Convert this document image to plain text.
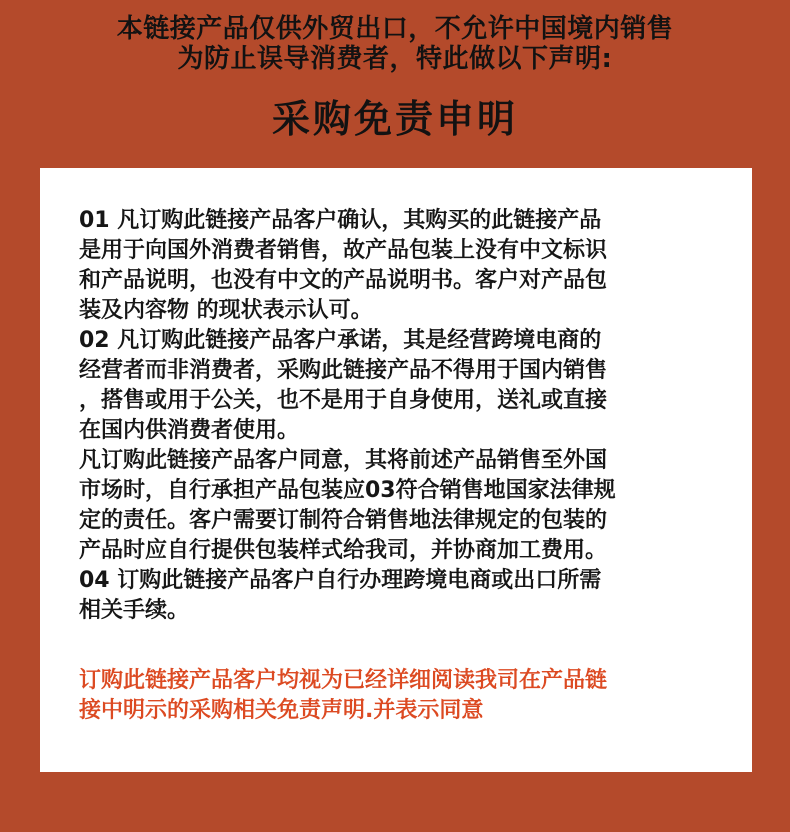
本链接产品仅供外贸出口，不允许中国境内销售
为防止误导消费者，特此做以下声明:
采购免责申明

01 凡订购此链接产品客户确认，其购买的此链接产品
是用于向国外消费者销售，故产品包装上没有中文标识
和产品说明，也没有中文的产品说明书。客户对产品包
装及内容物 的现状表示认可。

02 凡订购此链接产品客户承诺，其是经营跨境电商的
经营者而非消费者，采购此链接产品不得用于国内销售
，搭售或用于公关，也不是用于自身使用，送礼或直接
在国内供消费者使用。

凡订购此链接产品客户同意，其将前述产品销售至外国
市场时，自行承担产品包装应03符合销售地国家法律规
定的责任。客户需要订制符合销售地法律规定的包装的
产品时应自行提供包装样式给我司，并协商加工费用。

04 订购此链接产品客户自行办理跨境电商或出口所需
相关手续。

订购此链接产品客户均视为已经详细阅读我司在产品链
接中明示的采购相关免责声明.并表示同意
